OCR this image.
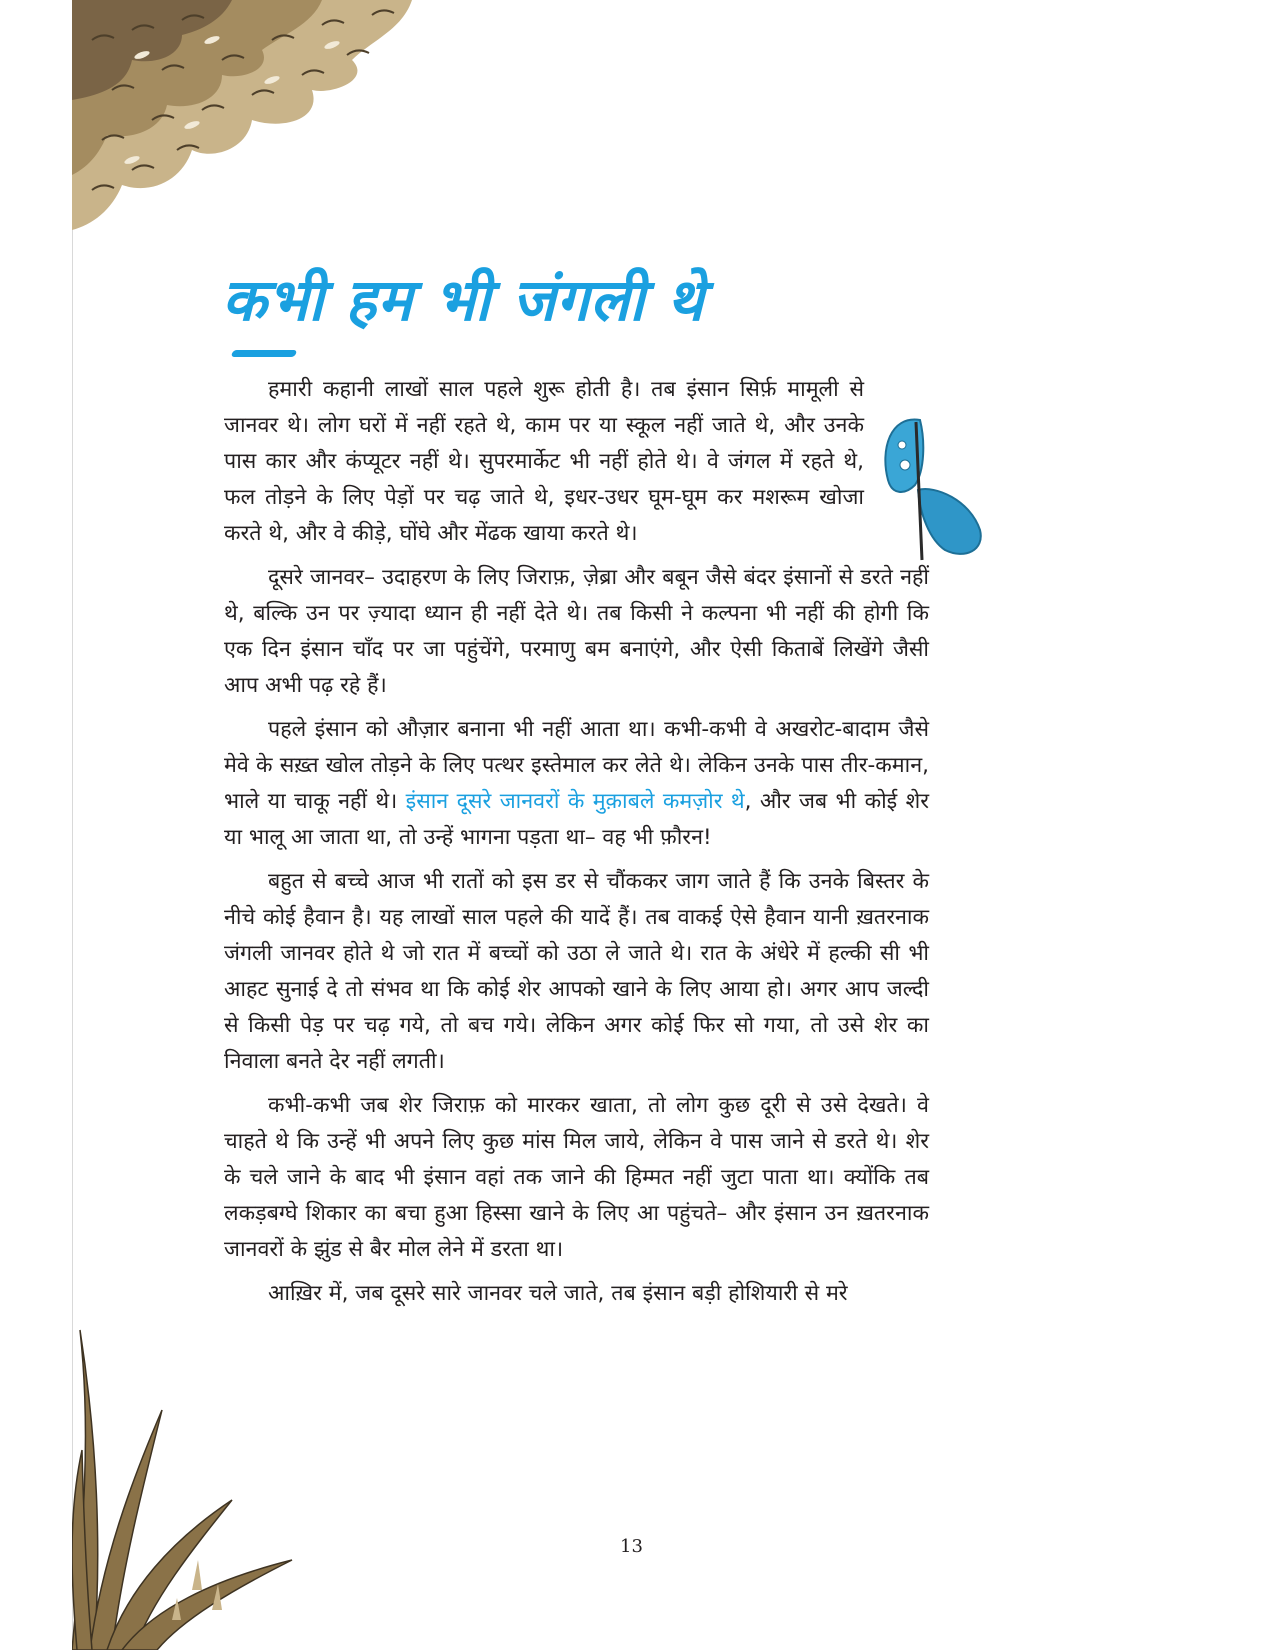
कभी हम भी जंगली थे

हमारी कहानी लाखों साल पहले शुरू होती है। तब इंसान सिर्फ़ मामूली से जानवर थे। लोग घरों में नहीं रहते थे, काम पर या स्कूल नहीं जाते थे, और उनके पास कार और कंप्यूटर नहीं थे। सुपरमार्केट भी नहीं होते थे। वे जंगल में रहते थे, फल तोड़ने के लिए पेड़ों पर चढ़ जाते थे, इधर-उधर घूम-घूम कर मशरूम खोजा करते थे, और वे कीड़े, घोंघे और मेंढक खाया करते थे।

दूसरे जानवर– उदाहरण के लिए जिराफ़, ज़ेब्रा और बबून जैसे बंदर इंसानों से डरते नहीं थे, बल्कि उन पर ज़्यादा ध्यान ही नहीं देते थे। तब किसी ने कल्पना भी नहीं की होगी कि एक दिन इंसान चाँद पर जा पहुंचेंगे, परमाणु बम बनाएंगे, और ऐसी किताबें लिखेंगे जैसी आप अभी पढ़ रहे हैं।

पहले इंसान को औज़ार बनाना भी नहीं आता था। कभी-कभी वे अखरोट-बादाम जैसे मेवे के सख़्त खोल तोड़ने के लिए पत्थर इस्तेमाल कर लेते थे। लेकिन उनके पास तीर-कमान, भाले या चाकू नहीं थे। इंसान दूसरे जानवरों के मुक़ाबले कमज़ोर थे, और जब भी कोई शेर या भालू आ जाता था, तो उन्हें भागना पड़ता था– वह भी फ़ौरन!

बहुत से बच्चे आज भी रातों को इस डर से चौंककर जाग जाते हैं कि उनके बिस्तर के नीचे कोई हैवान है। यह लाखों साल पहले की यादें हैं। तब वाकई ऐसे हैवान यानी ख़तरनाक जंगली जानवर होते थे जो रात में बच्चों को उठा ले जाते थे। रात के अंधेरे में हल्की सी भी आहट सुनाई दे तो संभव था कि कोई शेर आपको खाने के लिए आया हो। अगर आप जल्दी से किसी पेड़ पर चढ़ गये, तो बच गये। लेकिन अगर कोई फिर सो गया, तो उसे शेर का निवाला बनते देर नहीं लगती।

कभी-कभी जब शेर जिराफ़ को मारकर खाता, तो लोग कुछ दूरी से उसे देखते। वे चाहते थे कि उन्हें भी अपने लिए कुछ मांस मिल जाये, लेकिन वे पास जाने से डरते थे। शेर के चले जाने के बाद भी इंसान वहां तक जाने की हिम्मत नहीं जुटा पाता था। क्योंकि तब लकड़बग्घे शिकार का बचा हुआ हिस्सा खाने के लिए आ पहुंचते– और इंसान उन ख़तरनाक जानवरों के झुंड से बैर मोल लेने में डरता था।

आख़िर में, जब दूसरे सारे जानवर चले जाते, तब इंसान बड़ी होशियारी से मरे

13
